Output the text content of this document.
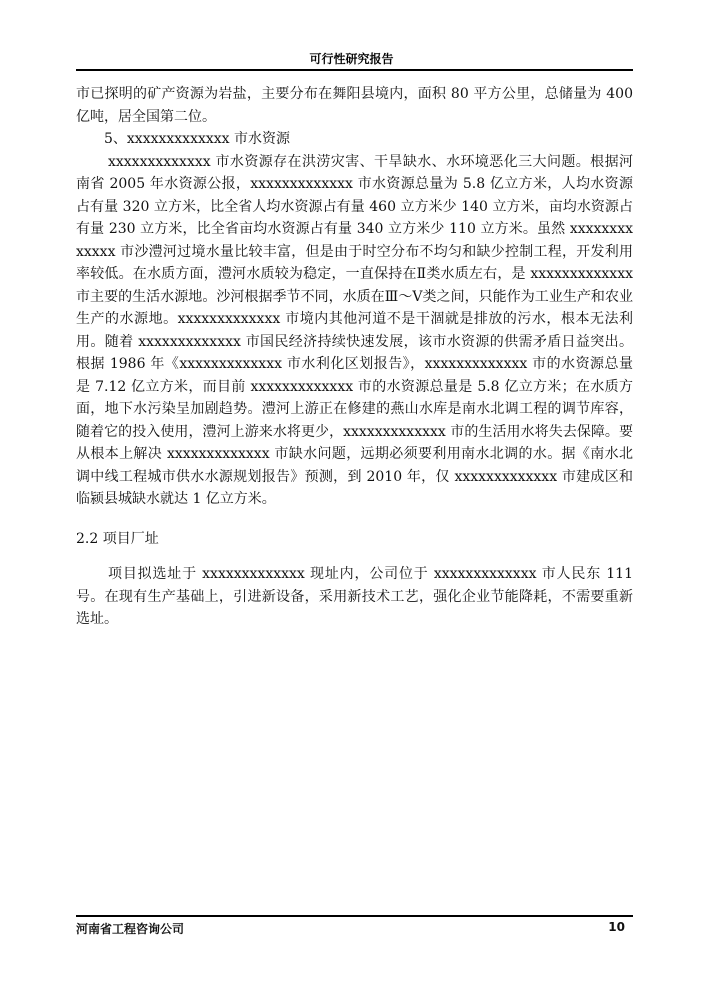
可行性研究报告

市已探明的矿产资源为岩盐，主要分布在舞阳县境内，面积 80 平方公里，总储量为 400 亿吨，居全国第二位。

5、xxxxxxxxxxxxx 市水资源

xxxxxxxxxxxxx 市水资源存在洪涝灾害、干旱缺水、水环境恶化三大问题。根据河南省 2005 年水资源公报，xxxxxxxxxxxxx 市水资源总量为 5.8 亿立方米，人均水资源占有量 320 立方米，比全省人均水资源占有量 460 立方米少 140 立方米，亩均水资源占有量 230 立方米，比全省亩均水资源占有量 340 立方米少 110 立方米。虽然 xxxxxxxxxxxxx 市沙澧河过境水量比较丰富，但是由于时空分布不均匀和缺少控制工程，开发利用率较低。在水质方面，澧河水质较为稳定，一直保持在Ⅱ类水质左右，是 xxxxxxxxxxxxx 市主要的生活水源地。沙河根据季节不同，水质在Ⅲ～Ⅴ类之间，只能作为工业生产和农业生产的水源地。xxxxxxxxxxxxx 市境内其他河道不是干涸就是排放的污水，根本无法利用。随着 xxxxxxxxxxxxx 市国民经济持续快速发展，该市水资源的供需矛盾日益突出。根据 1986 年《xxxxxxxxxxxxx 市水利化区划报告》，xxxxxxxxxxxxx 市的水资源总量是 7.12 亿立方米，而目前 xxxxxxxxxxxxx 市的水资源总量是 5.8 亿立方米；在水质方面，地下水污染呈加剧趋势。澧河上游正在修建的燕山水库是南水北调工程的调节库容，随着它的投入使用，澧河上游来水将更少，xxxxxxxxxxxxx 市的生活用水将失去保障。要从根本上解决 xxxxxxxxxxxxx 市缺水问题，远期必须要利用南水北调的水。据《南水北调中线工程城市供水水源规划报告》预测，到 2010 年，仅 xxxxxxxxxxxxx 市建成区和临颍县城缺水就达 1 亿立方米。

2.2 项目厂址

项目拟选址于 xxxxxxxxxxxxx 现址内，公司位于 xxxxxxxxxxxxx 市人民东 111 号。在现有生产基础上，引进新设备，采用新技术工艺，强化企业节能降耗，不需要重新选址。

河南省工程咨询公司	10
